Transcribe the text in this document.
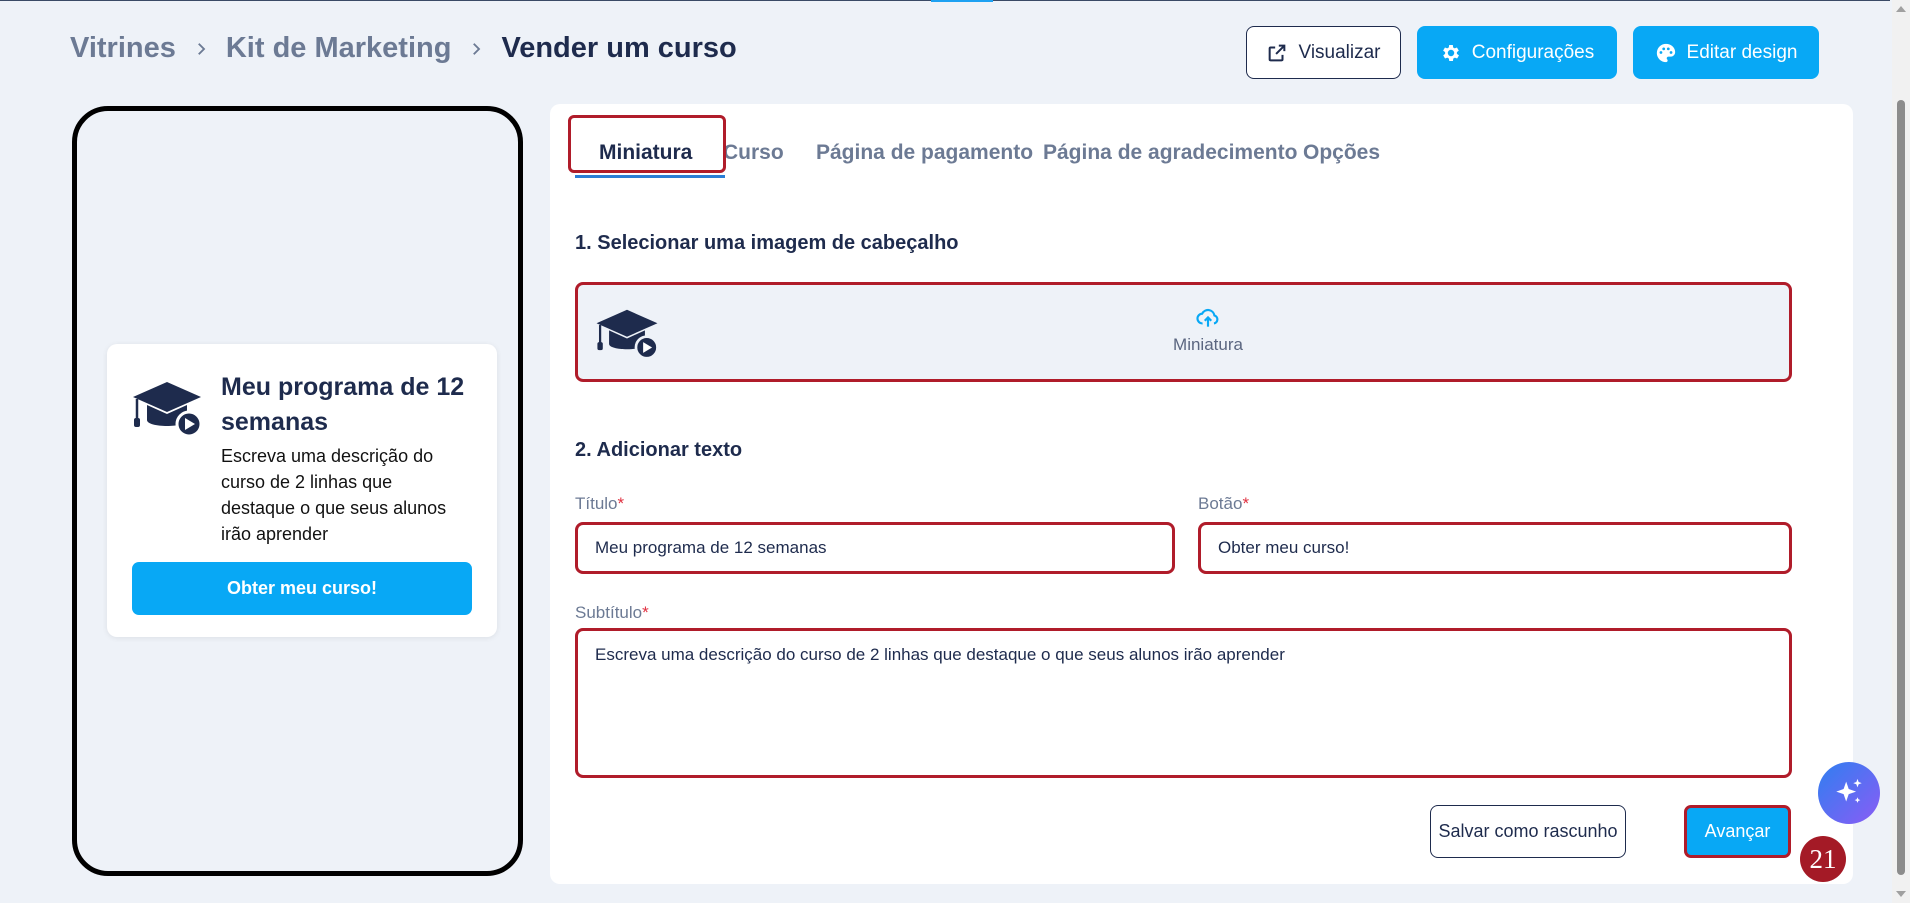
Vitrines Kit de Marketing Vender um curso	Visualizar	Configurações	Editar design
Meu programa de 12 semanas
Escreva uma descrição do curso de 2 linhas que destaque o que seus alunos irão aprender
Obter meu curso!
Miniatura Curso Página de pagamento Página de agradecimento Opções
1. Selecionar uma imagem de cabeçalho
Miniatura
2. Adicionar texto
Título*
Meu programa de 12 semanas	Botão*
Obter meu curso!
Subtítulo*
Escreva uma descrição do curso de 2 linhas que destaque o que seus alunos irão aprender
Salvar como rascunho	Avançar
21
